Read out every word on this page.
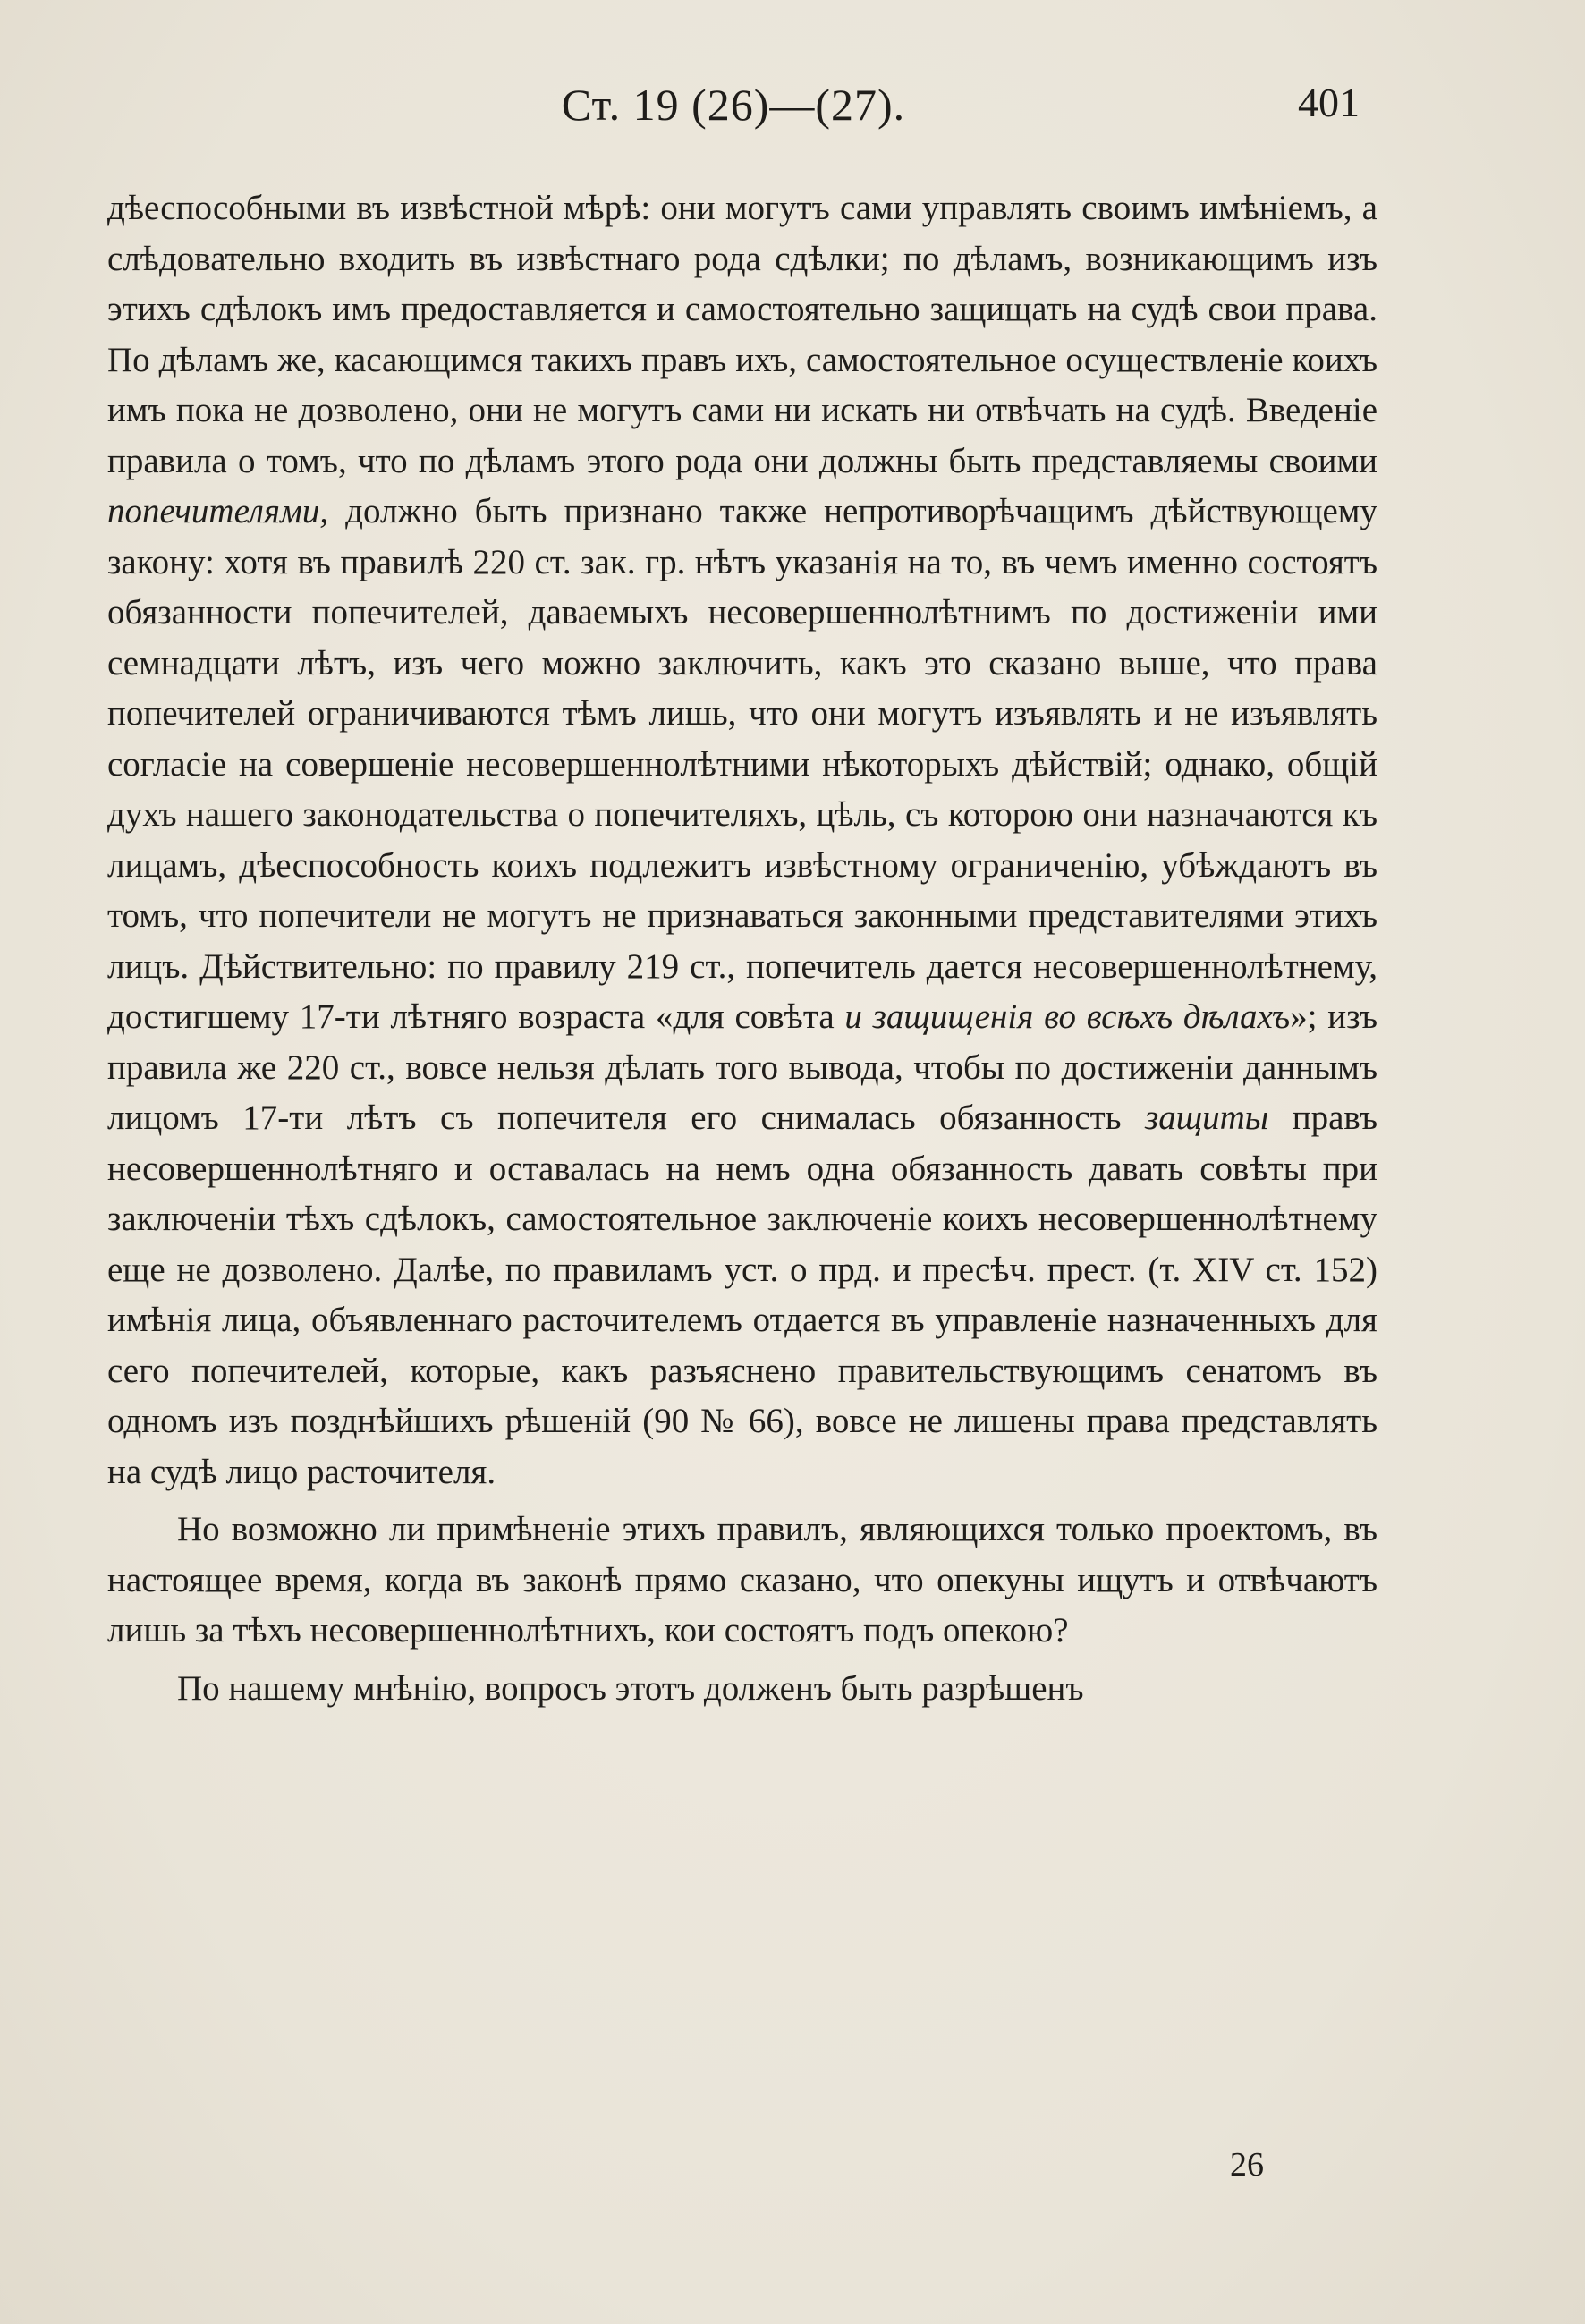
Ст. 19 (26)—(27).	401

дѣеспособными въ извѣстной мѣрѣ: они могутъ сами управлять своимъ имѣніемъ, а слѣдовательно входить въ извѣстнаго рода сдѣлки; по дѣламъ, возникающимъ изъ этихъ сдѣлокъ имъ предоставляется и самостоятельно защищать на судѣ свои права. По дѣламъ же, касающимся такихъ правъ ихъ, самостоятельное осуществленіе коихъ имъ пока не дозволено, они не могутъ сами ни искать ни отвѣчать на судѣ. Введеніе правила о томъ, что по дѣламъ этого рода они должны быть представляемы своими попечителями, должно быть признано также непротиворѣчащимъ дѣйствующему закону: хотя въ правилѣ 220 ст. зак. гр. нѣтъ указанія на то, въ чемъ именно состоятъ обязанности попечителей, даваемыхъ несовершеннолѣтнимъ по достиженіи ими семнадцати лѣтъ, изъ чего можно заключить, какъ это сказано выше, что права попечителей ограничиваются тѣмъ лишь, что они могутъ изъявлять и не изъявлять согласіе на совершеніе несовершеннолѣтними нѣкоторыхъ дѣйствій; однако, общій духъ нашего законодательства о попечителяхъ, цѣль, съ которою они назначаются къ лицамъ, дѣеспособность коихъ подлежитъ извѣстному ограниченію, убѣждаютъ въ томъ, что попечители не могутъ не признаваться законными представителями этихъ лицъ. Дѣйствительно: по правилу 219 ст., попечитель дается несовершеннолѣтнему, достигшему 17-ти лѣтняго возраста «для совѣта и защищенія во всѣхъ дѣлахъ»; изъ правила же 220 ст., вовсе нельзя дѣлать того вывода, чтобы по достиженіи даннымъ лицомъ 17-ти лѣтъ съ попечителя его снималась обязанность защиты правъ несовершеннолѣтняго и оставалась на немъ одна обязанность давать совѣты при заключеніи тѣхъ сдѣлокъ, самостоятельное заключеніе коихъ несовершеннолѣтнему еще не дозволено. Далѣе, по правиламъ уст. о прд. и пресѣч. прест. (т. XIV ст. 152) имѣнія лица, объявленнаго расточителемъ отдается въ управленіе назначенныхъ для сего попечителей, которые, какъ разъяснено правительствующимъ сенатомъ въ одномъ изъ позднѣйшихъ рѣшеній (90 № 66), вовсе не лишены права представлять на судѣ лицо расточителя.

Но возможно ли примѣненіе этихъ правилъ, являющихся только проектомъ, въ настоящее время, когда въ законѣ прямо сказано, что опекуны ищутъ и отвѣчаютъ лишь за тѣхъ несовершеннолѣтнихъ, кои состоятъ подъ опекою?

По нашему мнѣнію, вопросъ этотъ долженъ быть разрѣшенъ

26
